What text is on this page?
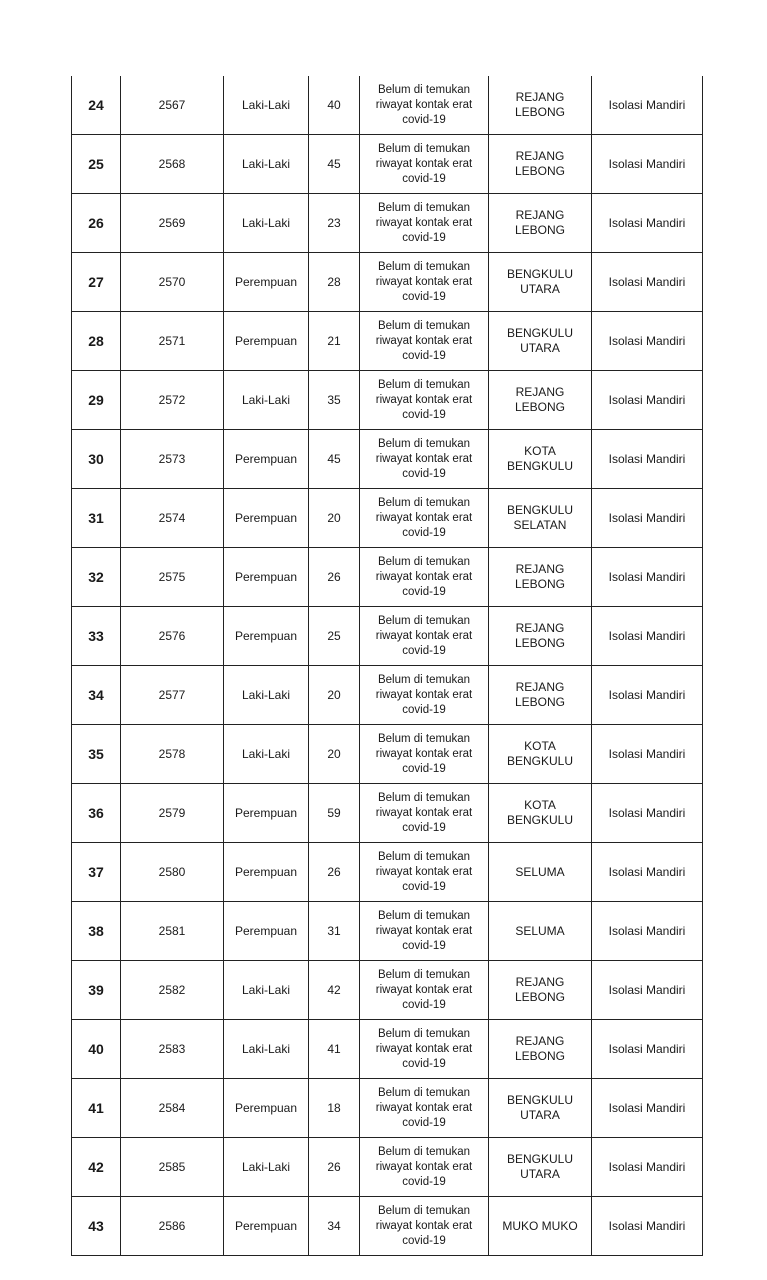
24	2567	Laki-Laki	40	Belum di temukan
riwayat kontak erat
covid-19	REJANG
LEBONG	Isolasi Mandiri
25	2568	Laki-Laki	45	Belum di temukan
riwayat kontak erat
covid-19	REJANG
LEBONG	Isolasi Mandiri
26	2569	Laki-Laki	23	Belum di temukan
riwayat kontak erat
covid-19	REJANG
LEBONG	Isolasi Mandiri
27	2570	Perempuan	28	Belum di temukan
riwayat kontak erat
covid-19	BENGKULU
UTARA	Isolasi Mandiri
28	2571	Perempuan	21	Belum di temukan
riwayat kontak erat
covid-19	BENGKULU
UTARA	Isolasi Mandiri
29	2572	Laki-Laki	35	Belum di temukan
riwayat kontak erat
covid-19	REJANG
LEBONG	Isolasi Mandiri
30	2573	Perempuan	45	Belum di temukan
riwayat kontak erat
covid-19	KOTA
BENGKULU	Isolasi Mandiri
31	2574	Perempuan	20	Belum di temukan
riwayat kontak erat
covid-19	BENGKULU
SELATAN	Isolasi Mandiri
32	2575	Perempuan	26	Belum di temukan
riwayat kontak erat
covid-19	REJANG
LEBONG	Isolasi Mandiri
33	2576	Perempuan	25	Belum di temukan
riwayat kontak erat
covid-19	REJANG
LEBONG	Isolasi Mandiri
34	2577	Laki-Laki	20	Belum di temukan
riwayat kontak erat
covid-19	REJANG
LEBONG	Isolasi Mandiri
35	2578	Laki-Laki	20	Belum di temukan
riwayat kontak erat
covid-19	KOTA
BENGKULU	Isolasi Mandiri
36	2579	Perempuan	59	Belum di temukan
riwayat kontak erat
covid-19	KOTA
BENGKULU	Isolasi Mandiri
37	2580	Perempuan	26	Belum di temukan
riwayat kontak erat
covid-19	SELUMA	Isolasi Mandiri
38	2581	Perempuan	31	Belum di temukan
riwayat kontak erat
covid-19	SELUMA	Isolasi Mandiri
39	2582	Laki-Laki	42	Belum di temukan
riwayat kontak erat
covid-19	REJANG
LEBONG	Isolasi Mandiri
40	2583	Laki-Laki	41	Belum di temukan
riwayat kontak erat
covid-19	REJANG
LEBONG	Isolasi Mandiri
41	2584	Perempuan	18	Belum di temukan
riwayat kontak erat
covid-19	BENGKULU
UTARA	Isolasi Mandiri
42	2585	Laki-Laki	26	Belum di temukan
riwayat kontak erat
covid-19	BENGKULU
UTARA	Isolasi Mandiri
43	2586	Perempuan	34	Belum di temukan
riwayat kontak erat
covid-19	MUKO MUKO	Isolasi Mandiri
